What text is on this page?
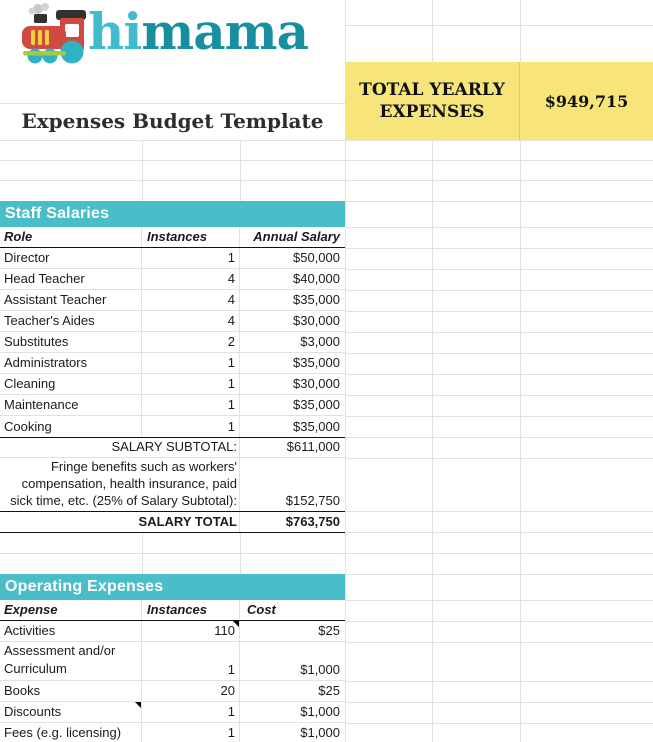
himama
Expenses Budget Template
TOTAL YEARLY EXPENSES
$949,715
Staff Salaries
Role	Instances	Annual Salary
Director	1	$50,000
Head Teacher	4	$40,000
Assistant Teacher	4	$35,000
Teacher's Aides	4	$30,000
Substitutes	2	$3,000
Administrators	1	$35,000
Cleaning	1	$30,000
Maintenance	1	$35,000
Cooking	1	$35,000
SALARY SUBTOTAL:	$611,000
Fringe benefits such as workers' compensation, health insurance, paid sick time, etc. (25% of Salary Subtotal):	$152,750
SALARY TOTAL	$763,750
Operating Expenses
Expense	Instances	Cost
Activities	110	$25
Assessment and/or Curriculum	1	$1,000
Books	20	$25
Discounts	1	$1,000
Fees (e.g. licensing)	1	$1,000
